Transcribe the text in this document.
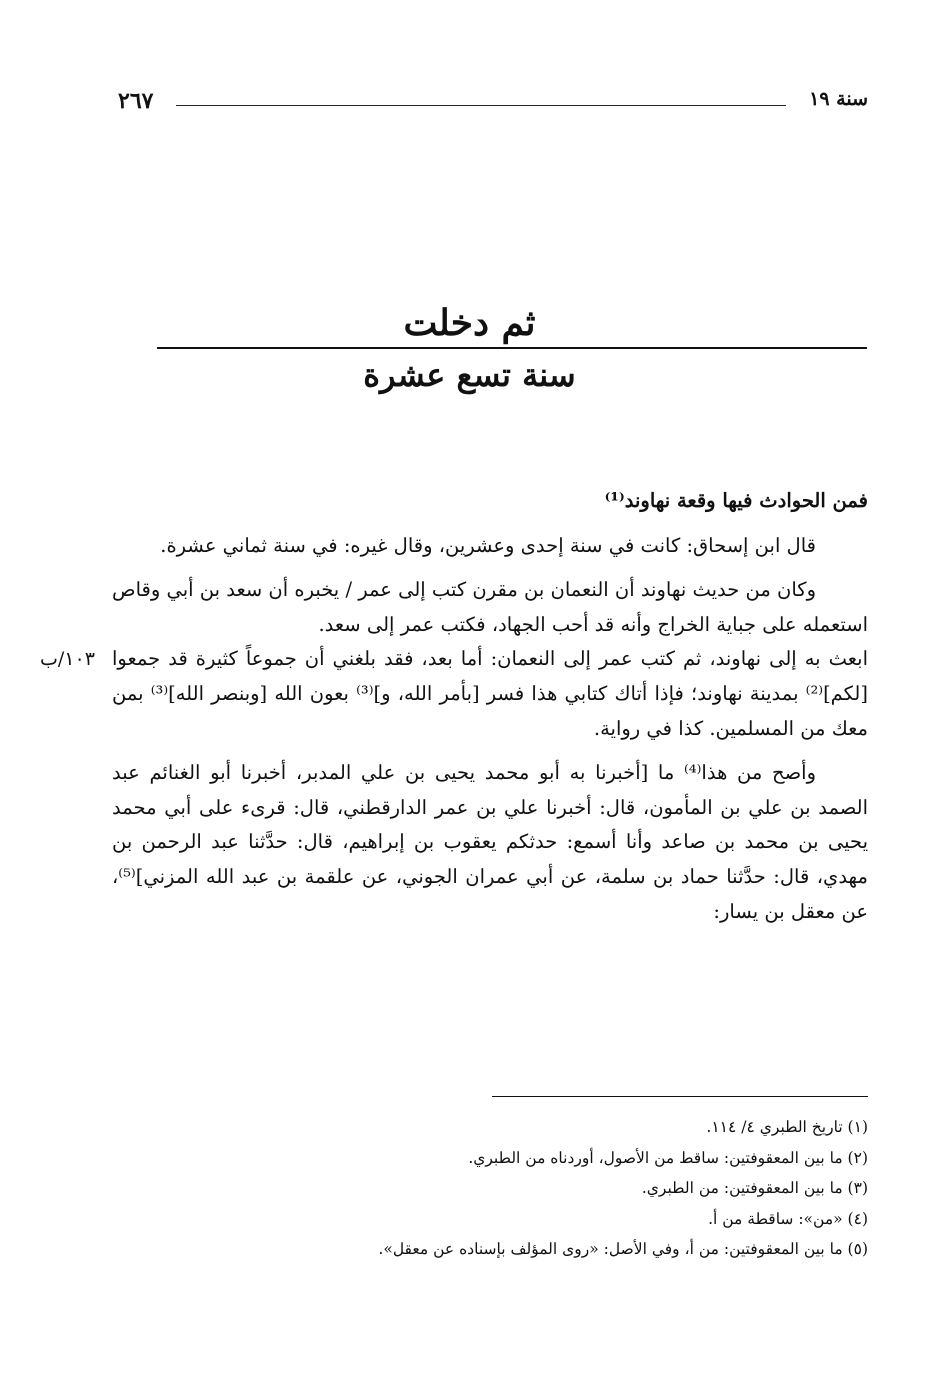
سنة ١٩
٢٦٧
ثم دخلت
سنة تسع عشرة
١٠٣/ب

فمن الحوادث فيها وقعة نهاوند⁽¹⁾

قال ابن إسحاق: كانت في سنة إحدى وعشرين، وقال غيره: في سنة ثماني عشرة.

وكان من حديث نهاوند أن النعمان بن مقرن كتب إلى عمر / يخبره أن سعد بن أبي وقاص استعمله على جباية الخراج وأنه قد أحب الجهاد، فكتب عمر إلى سعد.

ابعث به إلى نهاوند، ثم كتب عمر إلى النعمان: أما بعد، فقد بلغني أن جموعاً كثيرة قد جمعوا [لكم]⁽²⁾ بمدينة نهاوند؛ فإذا أتاك كتابي هذا فسر [بأمر الله، و]⁽³⁾ بعون الله [وبنصر الله]⁽³⁾ بمن معك من المسلمين. كذا في رواية.

وأصح من هذا⁽⁴⁾ ما [أخبرنا به أبو محمد يحيى بن علي المدبر، أخبرنا أبو الغنائم عبد الصمد بن علي بن المأمون، قال: أخبرنا علي بن عمر الدارقطني، قال: قرىء على أبي محمد يحيى بن محمد بن صاعد وأنا أسمع: حدثكم يعقوب بن إبراهيم، قال: حدَّثنا عبد الرحمن بن مهدي، قال: حدَّثنا حماد بن سلمة، عن أبي عمران الجوني، عن علقمة بن عبد الله المزني]⁽⁵⁾، عن معقل بن يسار:

(١) تاريخ الطبري ٤/ ١١٤.

(٢) ما بين المعقوفتين: ساقط من الأصول، أوردناه من الطبري.

(٣) ما بين المعقوفتين: من الطبري.

(٤) «من»: ساقطة من أ.

(٥) ما بين المعقوفتين: من أ، وفي الأصل: «روى المؤلف بإسناده عن معقل».
